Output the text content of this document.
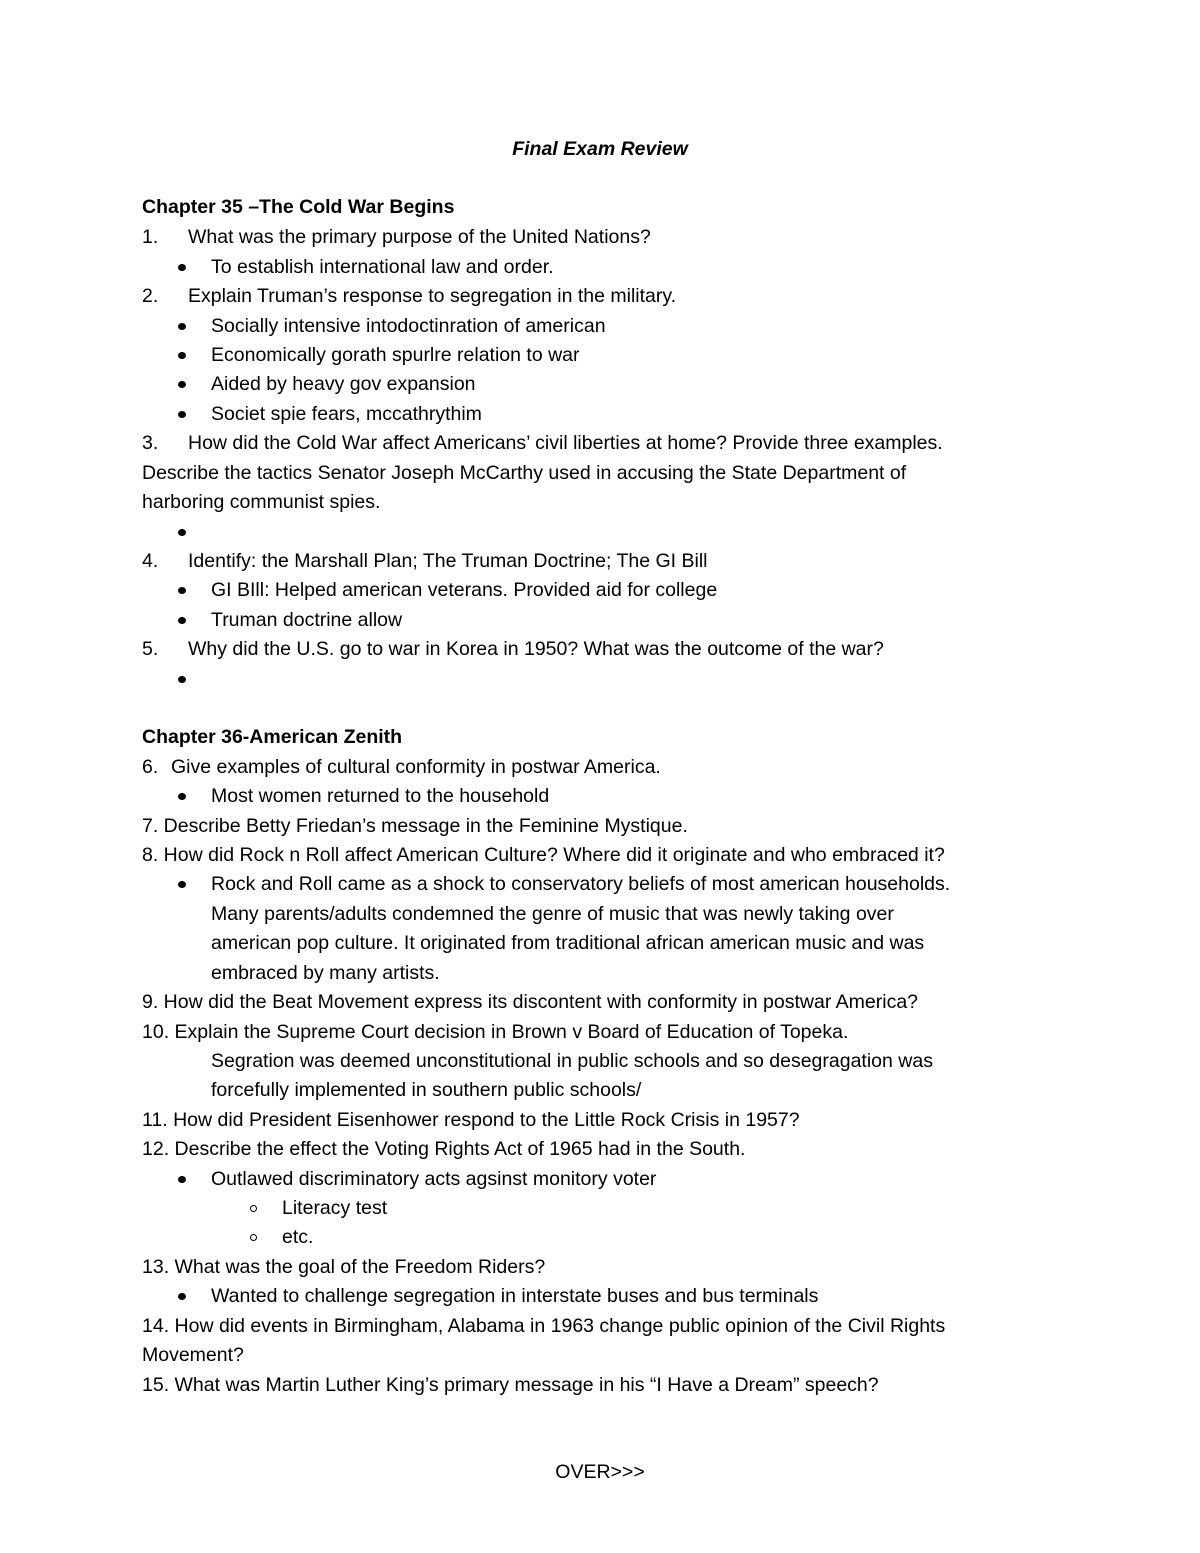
Final Exam Review
Chapter 35 –The Cold War Begins
1. What was the primary purpose of the United Nations?
To establish international law and order.
2. Explain Truman’s response to segregation in the military.
Socially intensive intodoctinration of american
Economically gorath spurlre relation to war
Aided by heavy gov expansion
Societ spie fears, mccathrythim
3. How did the Cold War affect Americans’ civil liberties at home? Provide three examples.
Describe the tactics Senator Joseph McCarthy used in accusing the State Department of
harboring communist spies.
4. Identify: the Marshall Plan; The Truman Doctrine; The GI Bill
GI BIll: Helped american veterans. Provided aid for college
Truman doctrine allow
5. Why did the U.S. go to war in Korea in 1950? What was the outcome of the war?
Chapter 36-American Zenith
6. Give examples of cultural conformity in postwar America.
Most women returned to the household
7. Describe Betty Friedan’s message in the Feminine Mystique.
8. How did Rock n Roll affect American Culture? Where did it originate and who embraced it?
Rock and Roll came as a shock to conservatory beliefs of most american households.
Many parents/adults condemned the genre of music that was newly taking over
american pop culture. It originated from traditional african american music and was
embraced by many artists.
9. How did the Beat Movement express its discontent with conformity in postwar America?
10. Explain the Supreme Court decision in Brown v Board of Education of Topeka.
Segration was deemed unconstitutional in public schools and so desegragation was
forcefully implemented in southern public schools/
11. How did President Eisenhower respond to the Little Rock Crisis in 1957?
12. Describe the effect the Voting Rights Act of 1965 had in the South.
Outlawed discriminatory acts agsinst monitory voter
Literacy test
etc.
13. What was the goal of the Freedom Riders?
Wanted to challenge segregation in interstate buses and bus terminals
14. How did events in Birmingham, Alabama in 1963 change public opinion of the Civil Rights
Movement?
15. What was Martin Luther King’s primary message in his “I Have a Dream” speech?
OVER>>>
